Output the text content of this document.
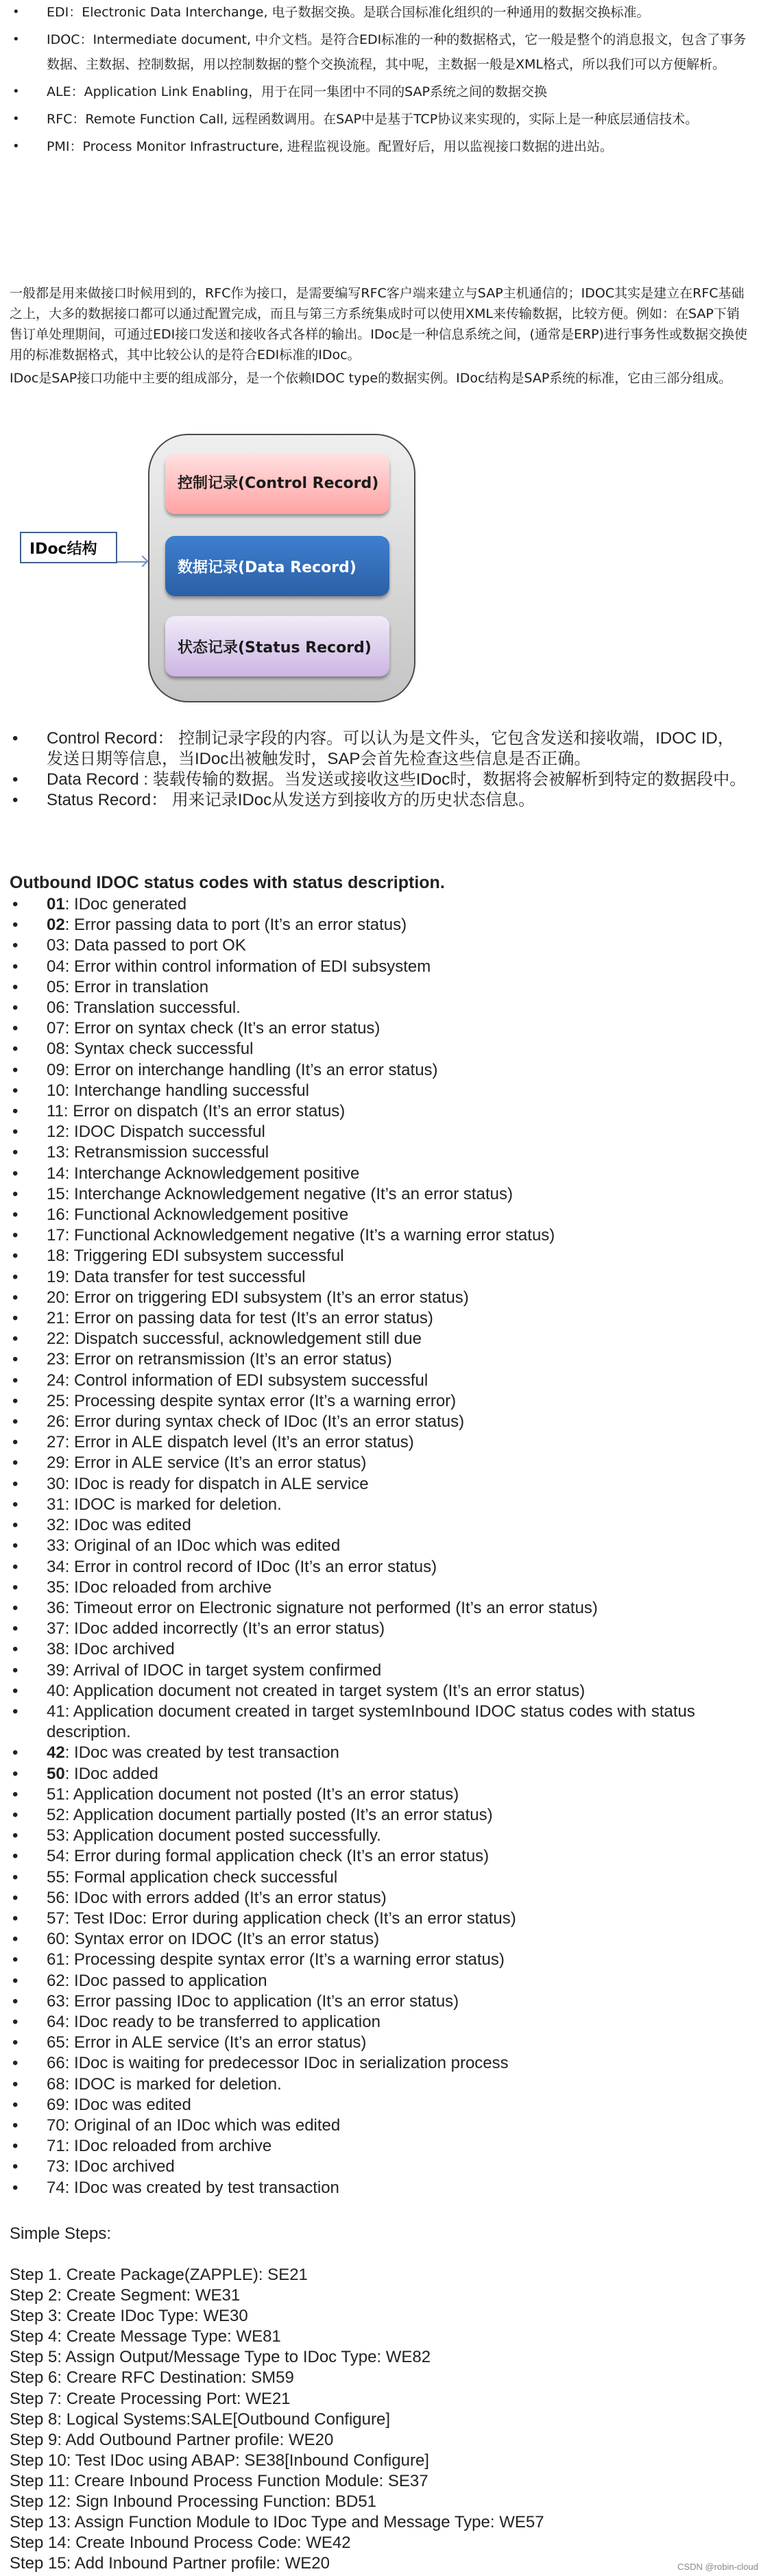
• EDI：Electronic Data Interchange, 电子数据交换。是联合国标准化组织的一种通用的数据交换标准。
• IDOC：Intermediate document, 中介文档。是符合EDI标准的一种的数据格式，它一般是整个的消息报文，包含了事务数据、主数据、控制数据，用以控制数据的整个交换流程，其中呢，主数据一般是XML格式，所以我们可以方便解析。
• ALE：Application Link Enabling，用于在同一集团中不同的SAP系统之间的数据交换
• RFC：Remote Function Call, 远程函数调用。在SAP中是基于TCP协议来实现的，实际上是一种底层通信技术。
• PMI：Process Monitor Infrastructure, 进程监视设施。配置好后，用以监视接口数据的进出站。

一般都是用来做接口时候用到的，RFC作为接口，是需要编写RFC客户端来建立与SAP主机通信的；IDOC其实是建立在RFC基础之上，大多的数据接口都可以通过配置完成，而且与第三方系统集成时可以使用XML来传输数据，比较方便。例如：在SAP下销售订单处理期间，可通过EDI接口发送和接收各式各样的输出。IDoc是一种信息系统之间，(通常是ERP)进行事务性或数据交换使用的标准数据格式，其中比较公认的是符合EDI标准的IDoc。

IDoc是SAP接口功能中主要的组成部分，是一个依赖IDOC type的数据实例。IDoc结构是SAP系统的标准，它由三部分组成。

控制记录(Control Record)
数据记录(Data Record)
状态记录(Status Record)
IDoc结构
• Control Record： 控制记录字段的内容。可以认为是文件头，它包含发送和接收端，IDOC ID，发送日期等信息，当IDoc出被触发时，SAP会首先检查这些信息是否正确。
• Data Record : 装载传输的数据。当发送或接收这些IDoc时，数据将会被解析到特定的数据段中。
• Status Record： 用来记录IDoc从发送方到接收方的历史状态信息。
Outbound IDOC status codes with status description.
• 01: IDoc generated
• 02: Error passing data to port (It’s an error status)
• 03: Data passed to port OK
• 04: Error within control information of EDI subsystem
• 05: Error in translation
• 06: Translation successful.
• 07: Error on syntax check (It’s an error status)
• 08: Syntax check successful
• 09: Error on interchange handling (It’s an error status)
• 10: Interchange handling successful
• 11: Error on dispatch (It’s an error status)
• 12: IDOC Dispatch successful
• 13: Retransmission successful
• 14: Interchange Acknowledgement positive
• 15: Interchange Acknowledgement negative (It’s an error status)
• 16: Functional Acknowledgement positive
• 17: Functional Acknowledgement negative (It’s a warning error status)
• 18: Triggering EDI subsystem successful
• 19: Data transfer for test successful
• 20: Error on triggering EDI subsystem (It’s an error status)
• 21: Error on passing data for test (It’s an error status)
• 22: Dispatch successful, acknowledgement still due
• 23: Error on retransmission (It’s an error status)
• 24: Control information of EDI subsystem successful
• 25: Processing despite syntax error (It’s a warning error)
• 26: Error during syntax check of IDoc (It’s an error status)
• 27: Error in ALE dispatch level (It’s an error status)
• 29: Error in ALE service (It’s an error status)
• 30: IDoc is ready for dispatch in ALE service
• 31: IDOC is marked for deletion.
• 32: IDoc was edited
• 33: Original of an IDoc which was edited
• 34: Error in control record of IDoc (It’s an error status)
• 35: IDoc reloaded from archive
• 36: Timeout error on Electronic signature not performed (It’s an error status)
• 37: IDoc added incorrectly (It’s an error status)
• 38: IDoc archived
• 39: Arrival of IDOC in target system confirmed
• 40: Application document not created in target system (It’s an error status)
• 41: Application document created in target systemInbound IDOC status codes with status description.
• 42: IDoc was created by test transaction
• 50: IDoc added
• 51: Application document not posted (It’s an error status)
• 52: Application document partially posted (It’s an error status)
• 53: Application document posted successfully.
• 54: Error during formal application check (It’s an error status)
• 55: Formal application check successful
• 56: IDoc with errors added (It’s an error status)
• 57: Test IDoc: Error during application check (It’s an error status)
• 60: Syntax error on IDOC (It’s an error status)
• 61: Processing despite syntax error (It’s a warning error status)
• 62: IDoc passed to application
• 63: Error passing IDoc to application (It’s an error status)
• 64: IDoc ready to be transferred to application
• 65: Error in ALE service (It’s an error status)
• 66: IDoc is waiting for predecessor IDoc in serialization process
• 68: IDOC is marked for deletion.
• 69: IDoc was edited
• 70: Original of an IDoc which was edited
• 71: IDoc reloaded from archive
• 73: IDoc archived
• 74: IDoc was created by test transaction

Simple Steps:

Step 1. Create Package(ZAPPLE): SE21
Step 2: Create Segment: WE31
Step 3: Create IDoc Type: WE30
Step 4: Create Message Type: WE81
Step 5: Assign Output/Message Type to IDoc Type: WE82
Step 6: Creare RFC Destination: SM59
Step 7: Create Processing Port: WE21
Step 8: Logical Systems:SALE[Outbound Configure]
Step 9: Add Outbound Partner profile: WE20
Step 10: Test IDoc using ABAP: SE38[Inbound Configure]
Step 11: Creare Inbound Process Function Module: SE37
Step 12: Sign Inbound Processing Function: BD51
Step 13: Assign Function Module to IDoc Type and Message Type: WE57
Step 14: Create Inbound Process Code: WE42
Step 15: Add Inbound Partner profile: WE20	CSDN @robin-cloud
